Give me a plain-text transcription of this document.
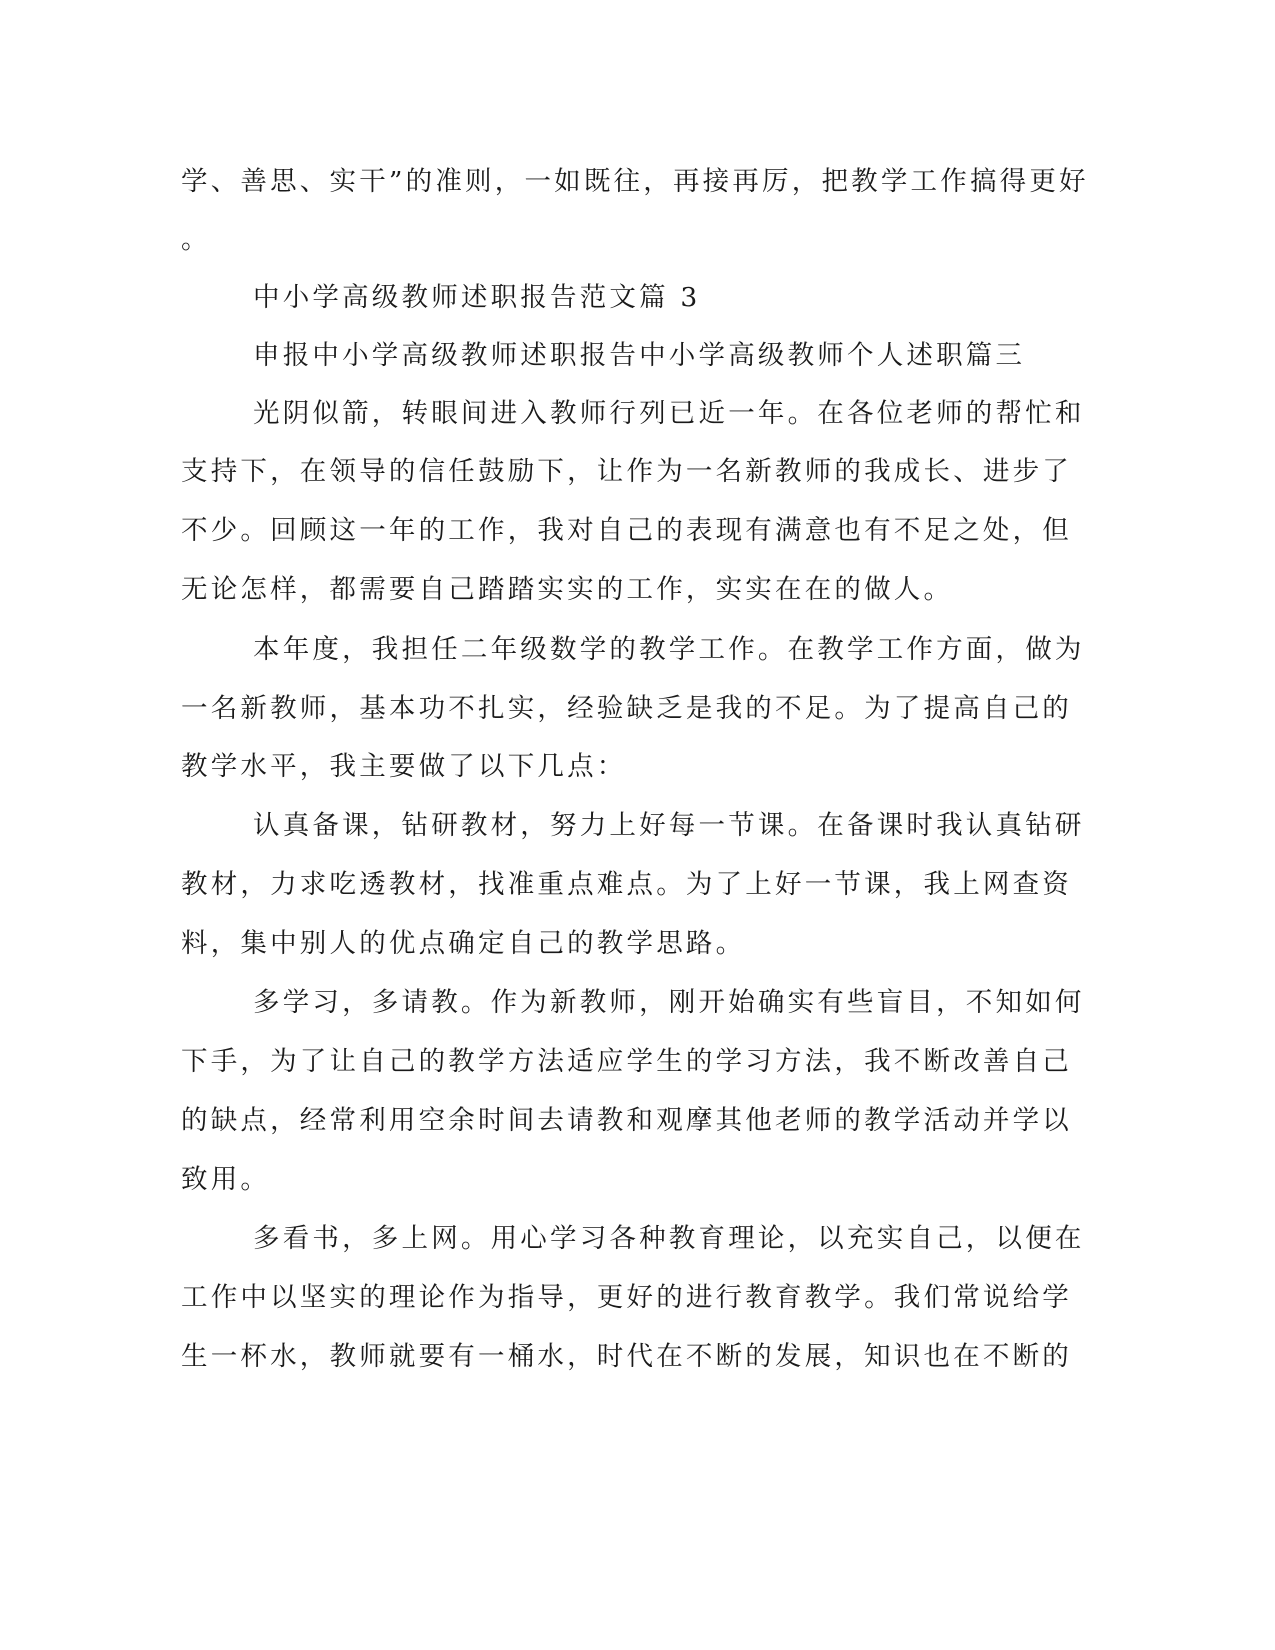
学、善思、实干”的准则，一如既往，再接再厉，把教学工作搞得更好
。
中小学高级教师述职报告范文篇 3
申报中小学高级教师述职报告中小学高级教师个人述职篇三
光阴似箭，转眼间进入教师行列已近一年。在各位老师的帮忙和
支持下，在领导的信任鼓励下，让作为一名新教师的我成长、进步了
不少。回顾这一年的工作，我对自己的表现有满意也有不足之处，但
无论怎样，都需要自己踏踏实实的工作，实实在在的做人。
本年度，我担任二年级数学的教学工作。在教学工作方面，做为
一名新教师，基本功不扎实，经验缺乏是我的不足。为了提高自己的
教学水平，我主要做了以下几点：
认真备课，钻研教材，努力上好每一节课。在备课时我认真钻研
教材，力求吃透教材，找准重点难点。为了上好一节课，我上网查资
料，集中别人的优点确定自己的教学思路。
多学习，多请教。作为新教师，刚开始确实有些盲目，不知如何
下手，为了让自己的教学方法适应学生的学习方法，我不断改善自己
的缺点，经常利用空余时间去请教和观摩其他老师的教学活动并学以
致用。
多看书，多上网。用心学习各种教育理论，以充实自己，以便在
工作中以坚实的理论作为指导，更好的进行教育教学。我们常说给学
生一杯水，教师就要有一桶水，时代在不断的发展，知识也在不断的
